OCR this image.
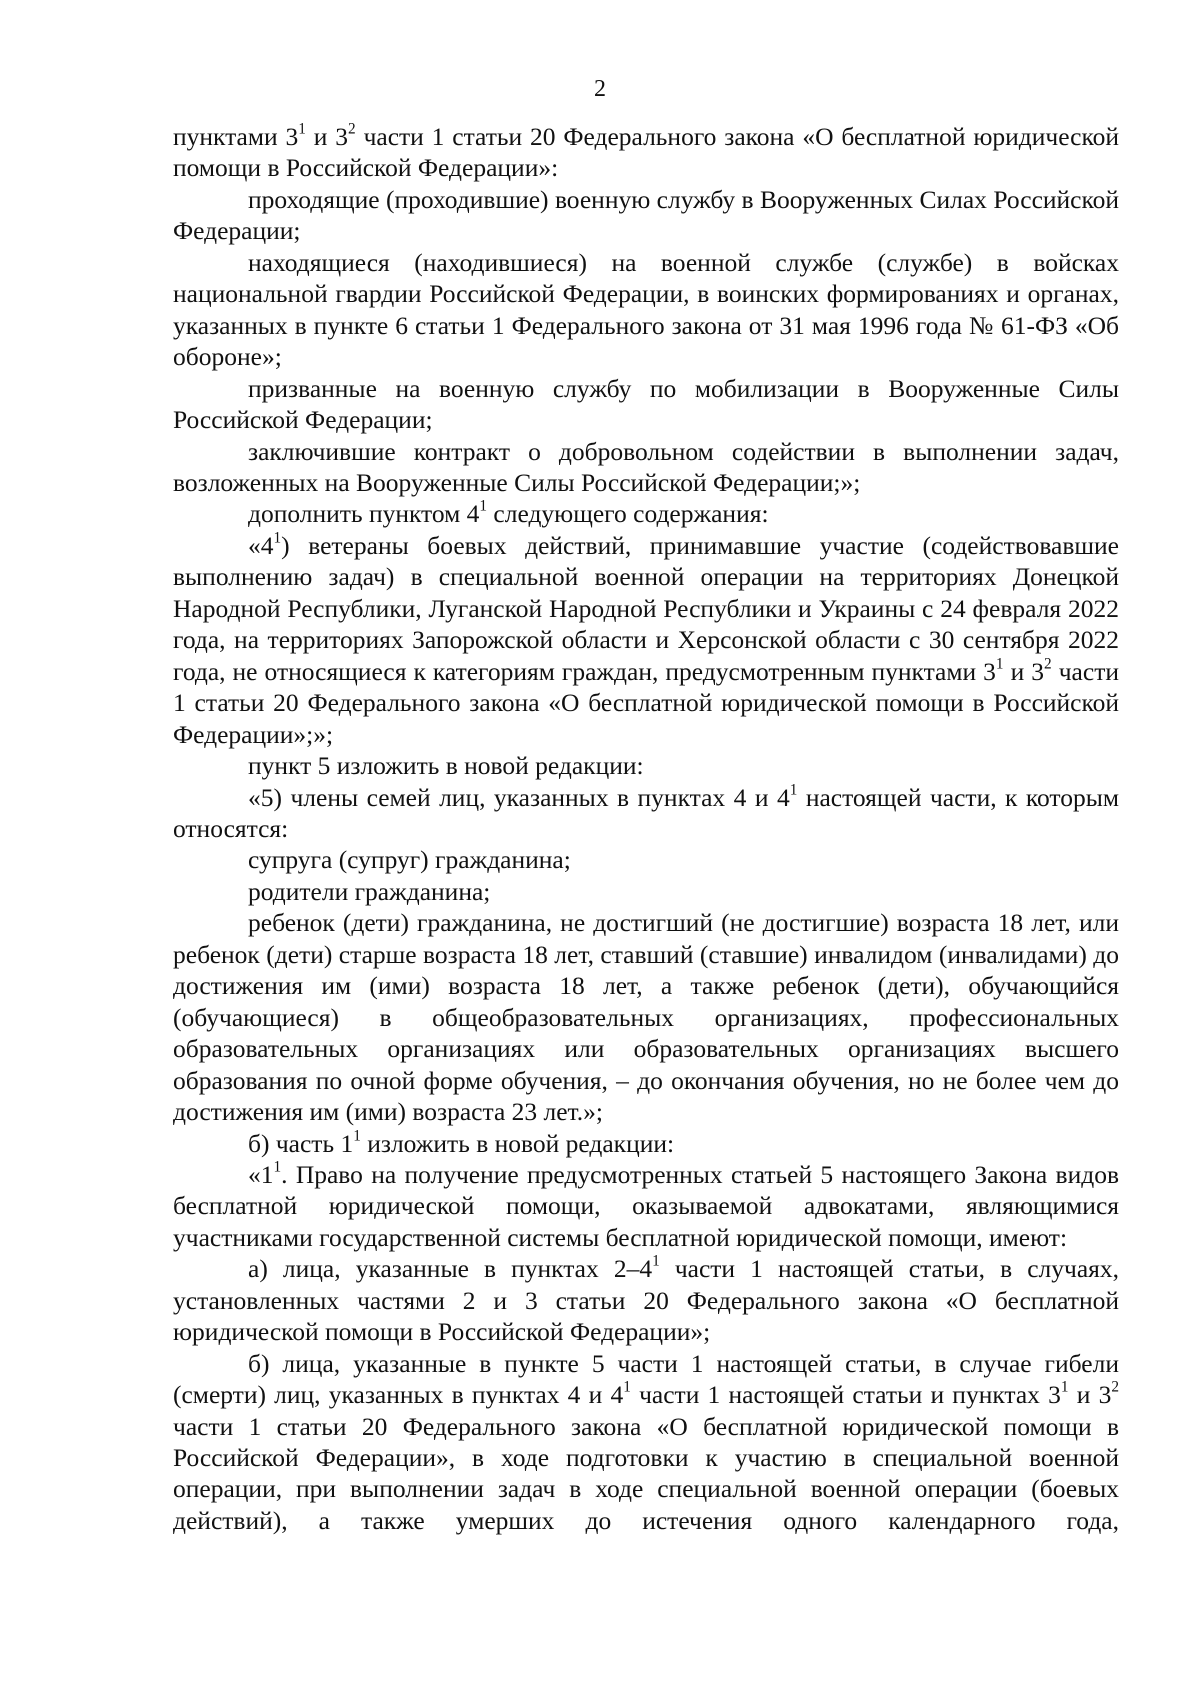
2

пунктами $3^1$ и $3^2$ части 1 статьи 20 Федерального закона «О бесплатной юридической помощи в Российской Федерации»:

проходящие (проходившие) военную службу в Вооруженных Силах Российской Федерации;

находящиеся (находившиеся) на военной службе (службе) в войсках национальной гвардии Российской Федерации, в воинских формированиях и органах, указанных в пункте 6 статьи 1 Федерального закона от 31 мая 1996 года № 61-ФЗ «Об обороне»;

призванные на военную службу по мобилизации в Вооруженные Силы Российской Федерации;

заключившие контракт о добровольном содействии в выполнении задач, возложенных на Вооруженные Силы Российской Федерации;»;

дополнить пунктом $4^1$ следующего содержания:

«$4^1$) ветераны боевых действий, принимавшие участие (содействовавшие выполнению задач) в специальной военной операции на территориях Донецкой Народной Республики, Луганской Народной Республики и Украины с 24 февраля 2022 года, на территориях Запорожской области и Херсонской области с 30 сентября 2022 года, не относящиеся к категориям граждан, предусмотренным пунктами $3^1$ и $3^2$ части 1 статьи 20 Федерального закона «О бесплатной юридической помощи в Российской Федерации»;»;

пункт 5 изложить в новой редакции:

«5) члены семей лиц, указанных в пунктах 4 и $4^1$ настоящей части, к которым относятся:

супруга (супруг) гражданина;

родители гражданина;

ребенок (дети) гражданина, не достигший (не достигшие) возраста 18 лет, или ребенок (дети) старше возраста 18 лет, ставший (ставшие) инвалидом (инвалидами) до достижения им (ими) возраста 18 лет, а также ребенок (дети), обучающийся (обучающиеся) в общеобразовательных организациях, профессиональных образовательных организациях или образовательных организациях высшего образования по очной форме обучения, – до окончания обучения, но не более чем до достижения им (ими) возраста 23 лет.»;

б) часть $1^1$ изложить в новой редакции:

«$1^1$. Право на получение предусмотренных статьей 5 настоящего Закона видов бесплатной юридической помощи, оказываемой адвокатами, являющимися участниками государственной системы бесплатной юридической помощи, имеют:

а) лица, указанные в пунктах $2-4^1$ части 1 настоящей статьи, в случаях, установленных частями 2 и 3 статьи 20 Федерального закона «О бесплатной юридической помощи в Российской Федерации»;

б) лица, указанные в пункте 5 части 1 настоящей статьи, в случае гибели (смерти) лиц, указанных в пунктах 4 и $4^1$ части 1 настоящей статьи и пунктах $3^1$ и $3^2$ части 1 статьи 20 Федерального закона «О бесплатной юридической помощи в Российской Федерации», в ходе подготовки к участию в специальной военной операции, при выполнении задач в ходе специальной военной операции (боевых действий), а также умерших до истечения одного календарного года,
